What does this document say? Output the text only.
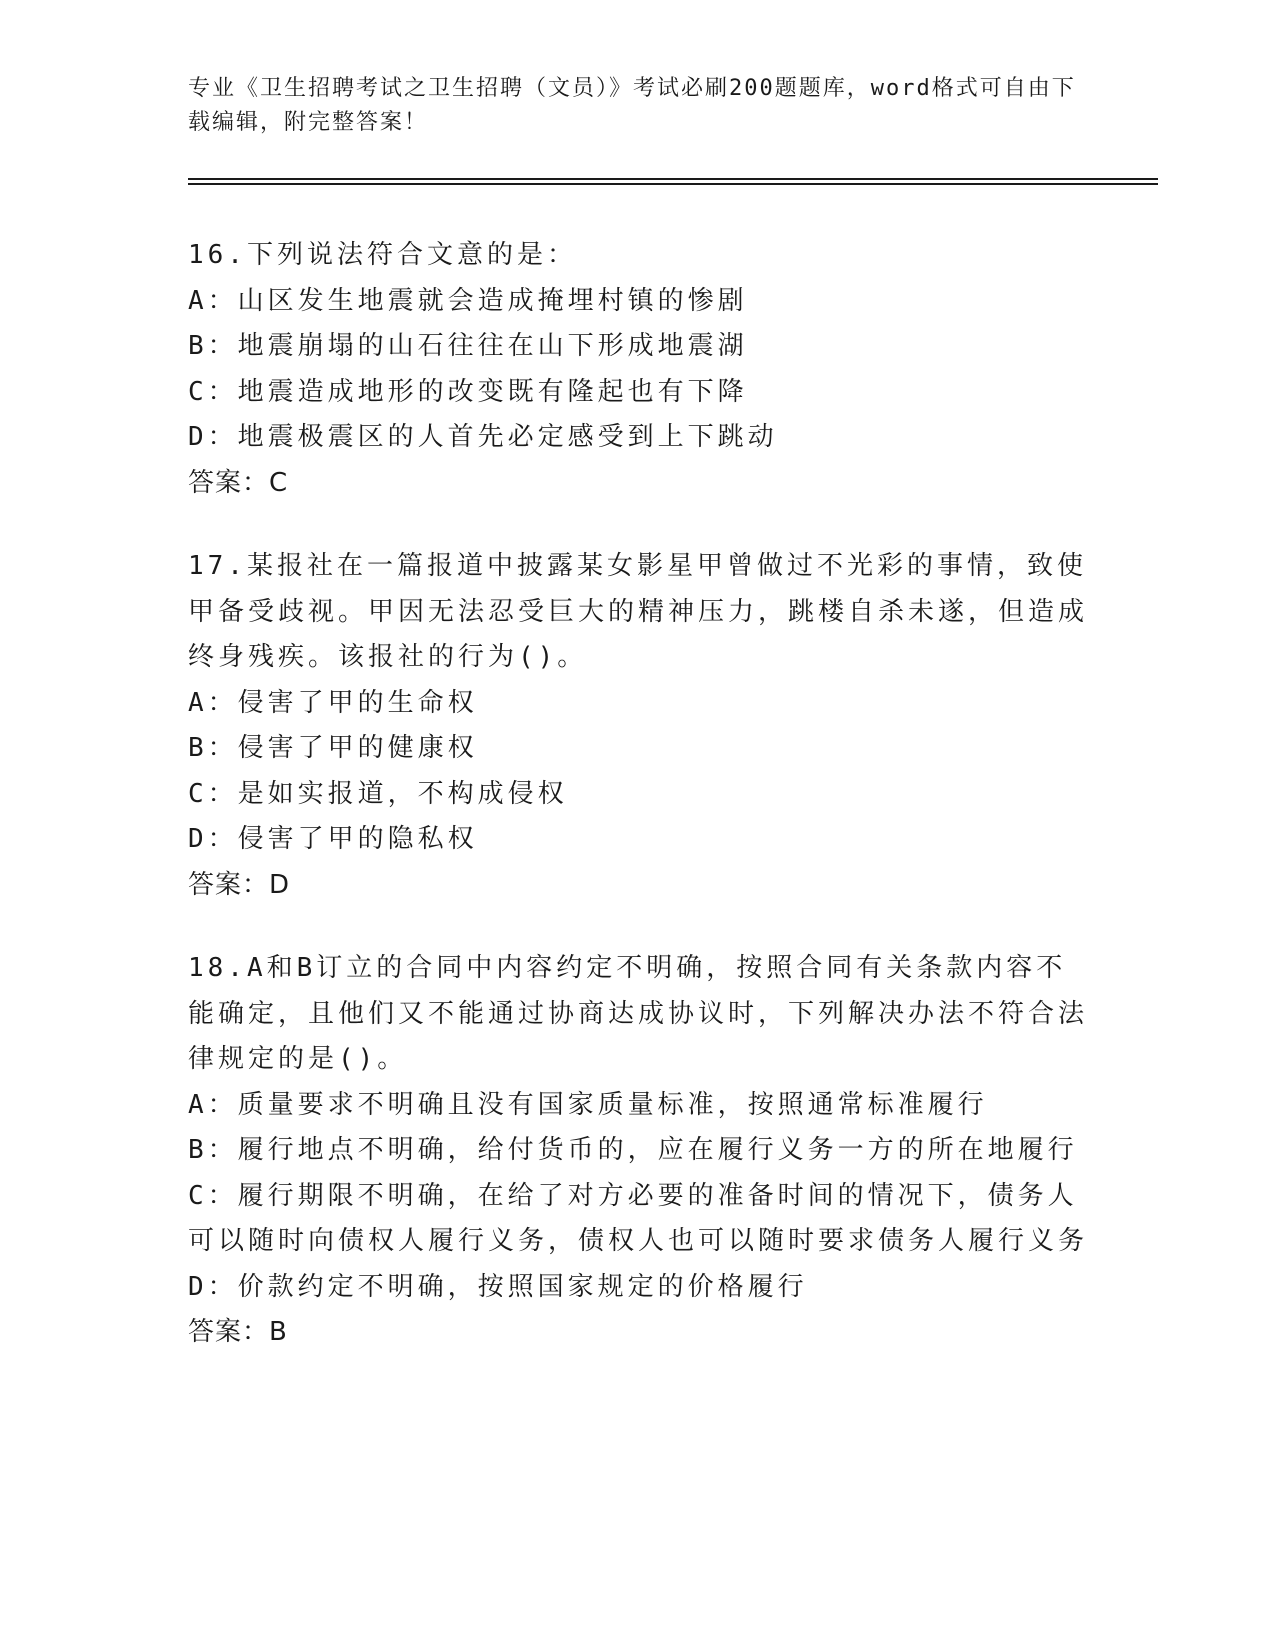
专业《卫生招聘考试之卫生招聘（文员）》考试必刷200题题库，word格式可自由下载编辑，附完整答案！
16.下列说法符合文意的是：
A：山区发生地震就会造成掩埋村镇的惨剧
B：地震崩塌的山石往往在山下形成地震湖
C：地震造成地形的改变既有隆起也有下降
D：地震极震区的人首先必定感受到上下跳动
答案：C
17.某报社在一篇报道中披露某女影星甲曾做过不光彩的事情，致使甲备受歧视。甲因无法忍受巨大的精神压力，跳楼自杀未遂，但造成终身残疾。该报社的行为()。
A：侵害了甲的生命权
B：侵害了甲的健康权
C：是如实报道，不构成侵权
D：侵害了甲的隐私权
答案：D
18.A和B订立的合同中内容约定不明确，按照合同有关条款内容不能确定，且他们又不能通过协商达成协议时，下列解决办法不符合法律规定的是()。
A：质量要求不明确且没有国家质量标准，按照通常标准履行
B：履行地点不明确，给付货币的，应在履行义务一方的所在地履行
C：履行期限不明确，在给了对方必要的准备时间的情况下，债务人可以随时向债权人履行义务，债权人也可以随时要求债务人履行义务
D：价款约定不明确，按照国家规定的价格履行
答案：B
